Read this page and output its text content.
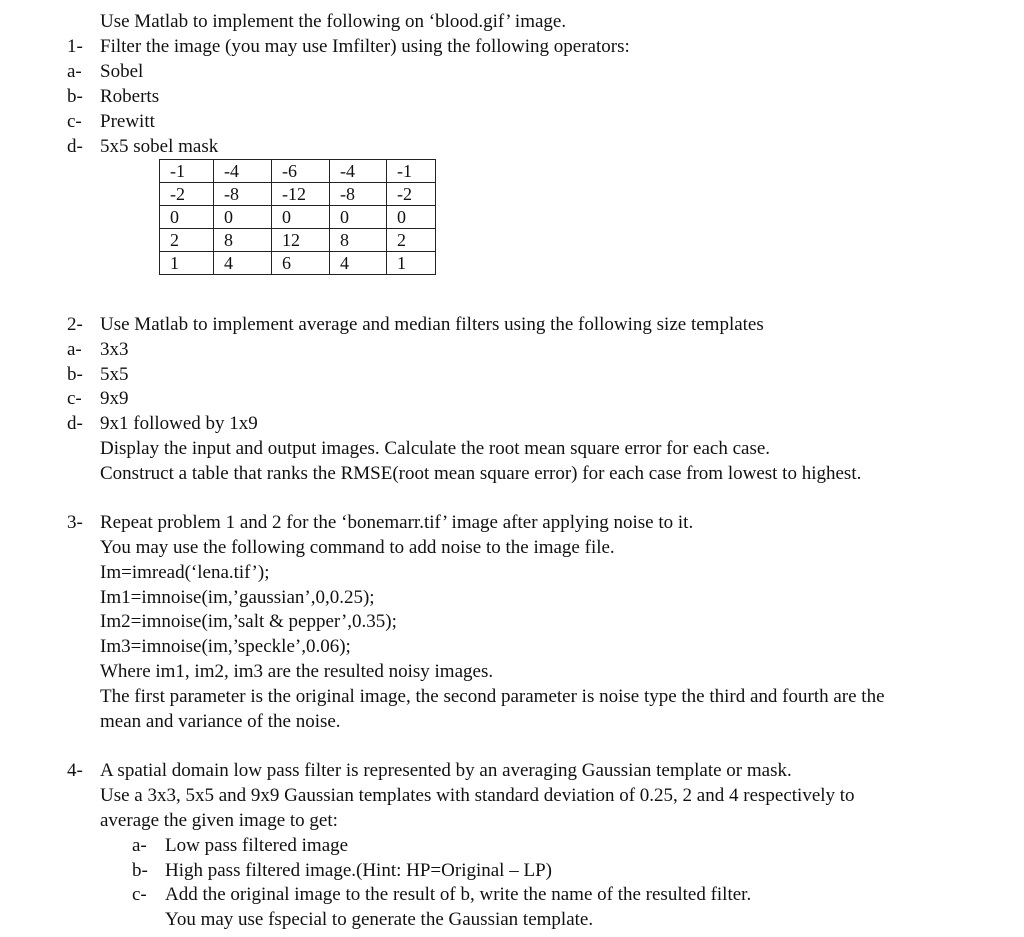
Use Matlab to implement the following on ‘blood.gif’ image.
1- Filter the image (you may use Imfilter) using the following operators:
a- Sobel
b- Roberts
c- Prewitt
d- 5x5 sobel mask
-1	-4	-6	-4	-1
-2	-8	-12	-8	-2
0	0	0	0	0
2	8	12	8	2
1	4	6	4	1
2- Use Matlab to implement average and median filters using the following size templates
a- 3x3
b- 5x5
c- 9x9
d- 9x1 followed by 1x9
Display the input and output images. Calculate the root mean square error for each case.
Construct a table that ranks the RMSE(root mean square error) for each case from lowest to highest.
3- Repeat problem 1 and 2 for the ‘bonemarr.tif’ image after applying noise to it.
You may use the following command to add noise to the image file.
Im=imread(‘lena.tif’);
Im1=imnoise(im,’gaussian’,0,0.25);
Im2=imnoise(im,’salt & pepper’,0.35);
Im3=imnoise(im,’speckle’,0.06);
Where im1, im2, im3 are the resulted noisy images.
The first parameter is the original image, the second parameter is noise type the third and fourth are the
mean and variance of the noise.
4- A spatial domain low pass filter is represented by an averaging Gaussian template or mask.
Use a 3x3, 5x5 and 9x9 Gaussian templates with standard deviation of 0.25, 2 and 4 respectively to
average the given image to get:
a- Low pass filtered image
b- High pass filtered image.(Hint: HP=Original – LP)
c- Add the original image to the result of b, write the name of the resulted filter.
You may use fspecial to generate the Gaussian template.
